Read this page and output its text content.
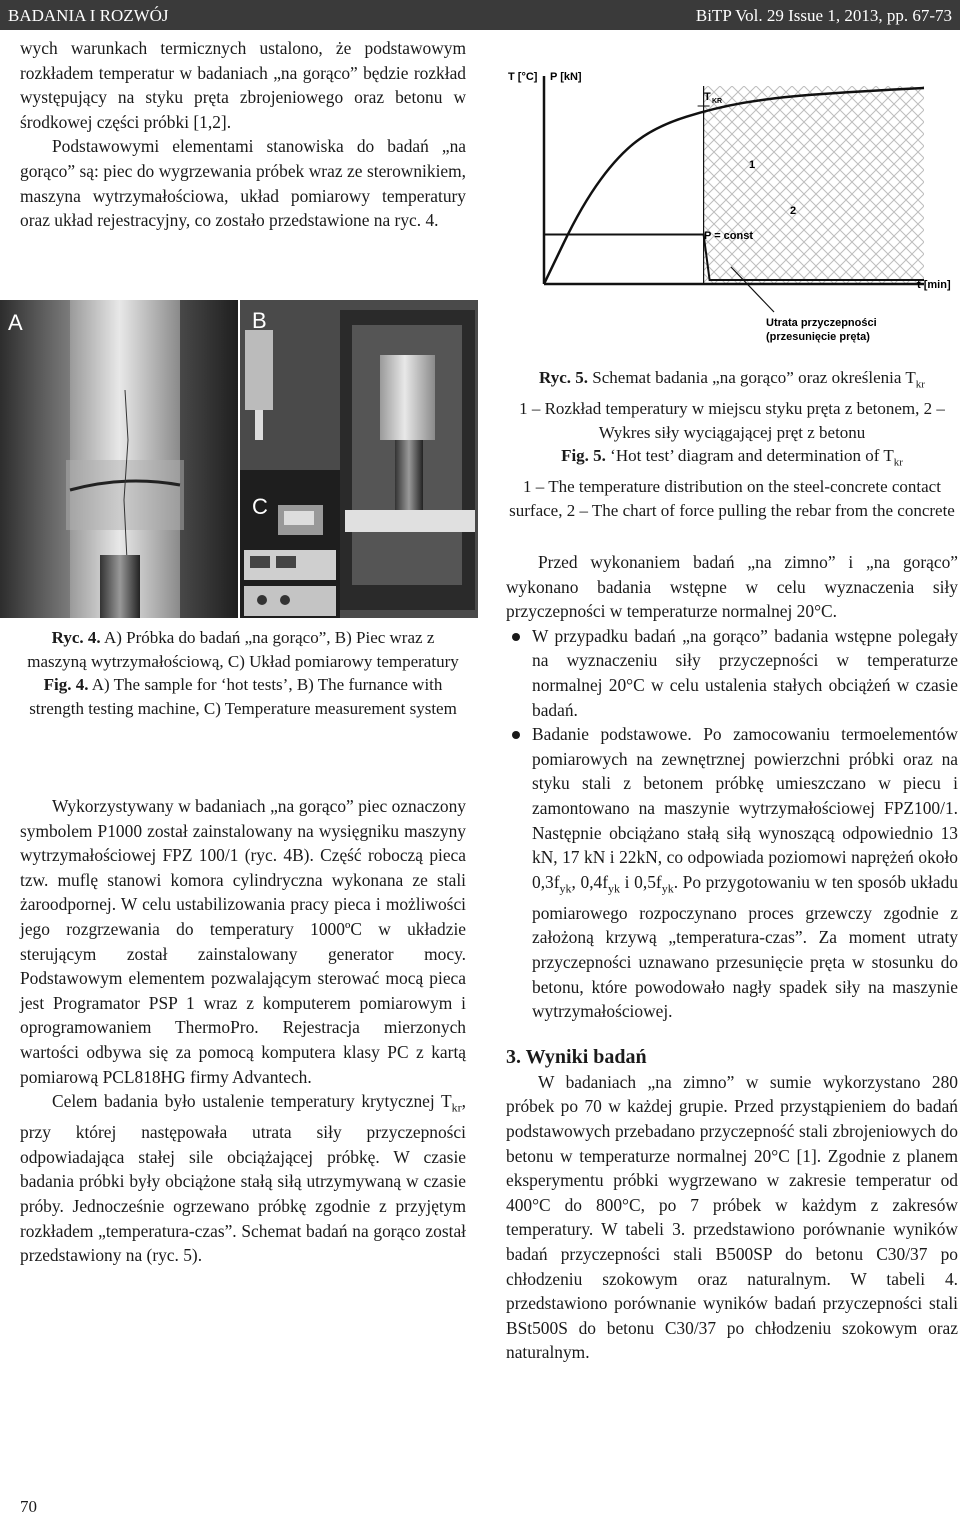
BADANIA I ROZWÓJ	BiTP Vol. 29 Issue 1, 2013, pp. 67-73

wych warunkach termicznych ustalono, że podstawowym rozkładem temperatur w badaniach „na gorąco” będzie rozkład występujący na styku pręta zbrojeniowego oraz betonu w środkowej części próbki [1,2].

Podstawowymi elementami stanowiska do badań „na gorąco” są: piec do wygrzewania próbek wraz ze sterownikiem, maszyna wytrzymałościowa, układ pomiarowy temperatury oraz układ rejestracyjny, co zostało przedstawione na ryc. 4.

A	B
C

Ryc. 4. A) Próbka do badań „na gorąco”, B) Piec wraz z maszyną wytrzymałościową, C) Układ pomiarowy temperatury

Fig. 4. A) The sample for ‘hot tests’, B) The furnance with strength testing machine, C) Temperature measurement system

Wykorzystywany w badaniach „na gorąco” piec oznaczony symbolem P1000 został zainstalowany na wysięgniku maszyny wytrzymałościowej FPZ 100/1 (ryc. 4B). Część roboczą pieca tzw. muflę stanowi komora cylindryczna wykonana ze stali żaroodpornej. W celu ustabilizowania pracy pieca i możliwości jego rozgrzewania do temperatury 1000ºC w układzie sterującym został zainstalowany generator mocy. Podstawowym elementem pozwalającym sterować mocą pieca jest Programator PSP 1 wraz z komputerem pomiarowym i oprogramowaniem ThermoPro. Rejestracja mierzonych wartości odbywa się za pomocą komputera klasy PC z kartą pomiarową PCL818HG firmy Advantech.

Celem badania było ustalenie temperatury krytycznej $T_{kr}$, przy której następowała utrata siły przyczepności odpowiadająca stałej sile obciążającej próbkę. W czasie badania próbki były obciążone stałą siłą utrzymywaną w czasie próby. Jednocześnie ogrzewano próbkę zgodnie z przyjętym rozkładem „temperatura-czas”. Schemat badań na gorąco został przedstawiony na (ryc. 5).

T [°C] P [kN]
t [min]
T KR
1
2
P = const
Utrata przyczepności
(przesunięcie pręta)

Ryc. 5. Schemat badania „na gorąco” oraz określenia $T_{kr}$

1 – Rozkład temperatury w miejscu styku pręta z betonem, 2 – Wykres siły wyciągającej pręt z betonu

Fig. 5. ‘Hot test’ diagram and determination of $T_{kr}$

1 – The temperature distribution on the steel-concrete contact surface, 2 – The chart of force pulling the rebar from the concrete

Przed wykonaniem badań „na zimno” i „na gorąco” wykonano badania wstępne w celu wyznaczenia siły przyczepności w temperaturze normalnej 20°C.

W przypadku badań „na gorąco” badania wstępne polegały na wyznaczeniu siły przyczepności w temperaturze normalnej 20°C w celu ustalenia stałych obciążeń w czasie badań.
Badanie podstawowe. Po zamocowaniu termoelementów pomiarowych na zewnętrznej powierzchni próbki oraz na styku stali z betonem próbkę umieszczano w piecu i zamontowano na maszynie wytrzymałościowej FPZ100/1. Następnie obciążano stałą siłą wynoszącą odpowiednio 13 kN, 17 kN i 22kN, co odpowiada poziomowi naprężeń około $0,3f_{yk}$, $0,4f_{yk}$ i $0,5f_{yk}$. Po przygotowaniu w ten sposób układu pomiarowego rozpoczynano proces grzewczy zgodnie z założoną krzywą „temperatura-czas”. Za moment utraty przyczepności uznawano przesunięcie pręta w stosunku do betonu, które powodowało nagły spadek siły na maszynie wytrzymałościowej.
3. Wyniki badań

W badaniach „na zimno” w sumie wykorzystano 280 próbek po 70 w każdej grupie. Przed przystąpieniem do badań podstawowych przebadano przyczepność stali zbrojeniowych do betonu w temperaturze normalnej 20°C [1]. Zgodnie z planem eksperymentu próbki wygrzewano w zakresie temperatur od 400°C do 800°C, po 7 próbek w każdym z zakresów temperatury. W tabeli 3. przedstawiono porównanie wyników badań przyczepności stali B500SP do betonu C30/37 po chłodzeniu szokowym oraz naturalnym. W tabeli 4. przedstawiono porównanie wyników badań przyczepności stali BSt500S do betonu C30/37 po chłodzeniu szokowym oraz naturalnym.

70
